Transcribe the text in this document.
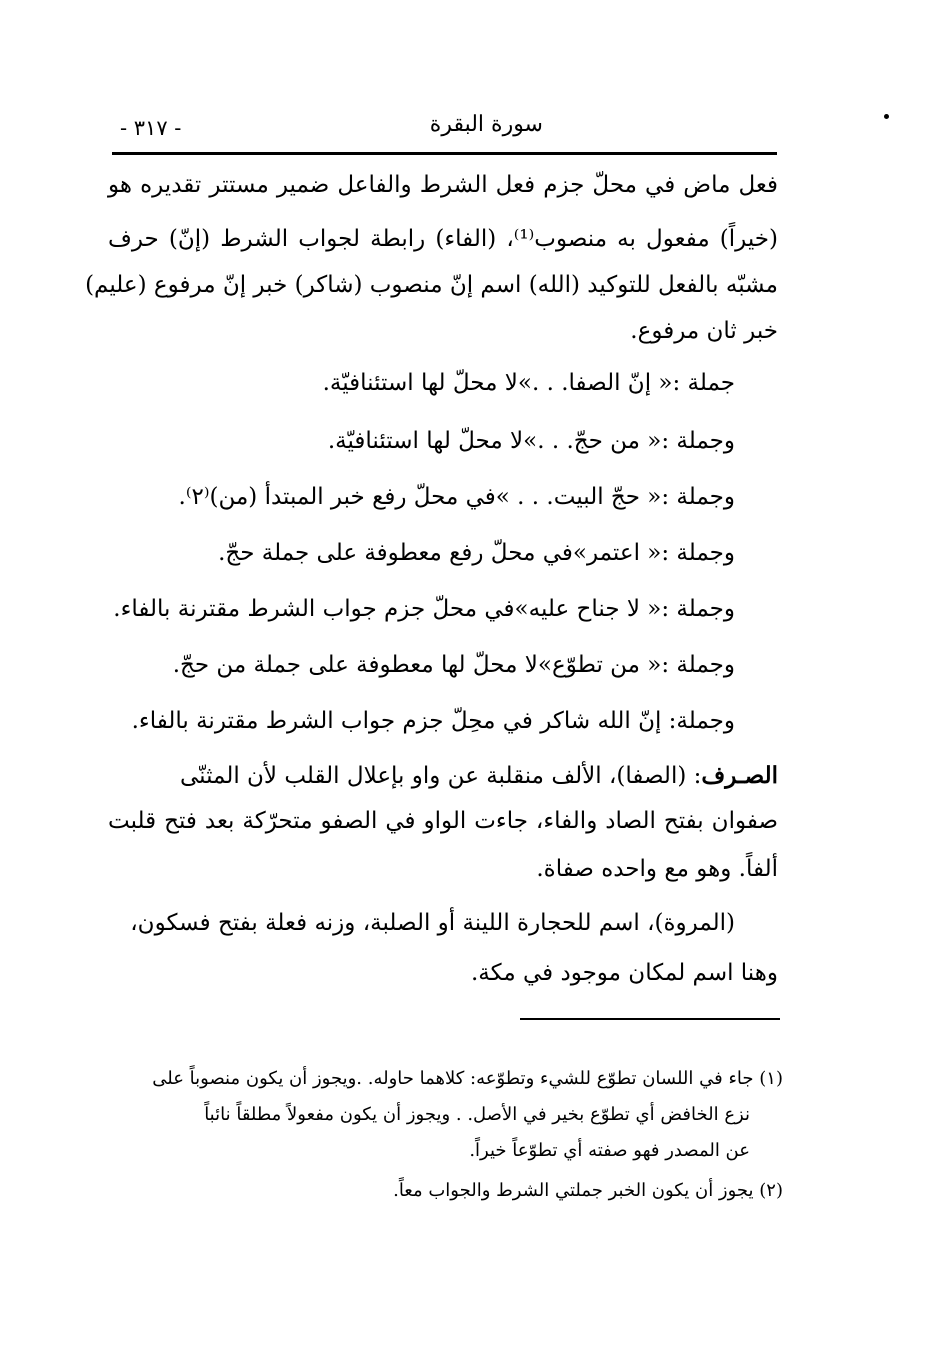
سورة البقرة
- ٣١٧ -
فعل ماض في محلّ جزم فعل الشرط والفاعل ضمير مستتر تقديره هو
(خيراً) مفعول به منصوب⁽¹⁾، (الفاء) رابطة لجواب الشرط (إنّ) حرف
مشبّه بالفعل للتوكيد (الله) اسم إنّ منصوب (شاكر) خبر إنّ مرفوع (عليم)
خبر ثان مرفوع.
جملة :« إنّ الصفا. . .»لا محلّ لها استئنافيّة.
وجملة :« من حجّ. . .»لا محلّ لها استئنافيّة.
وجملة :« حجّ البيت. . . »في محلّ رفع خبر المبتدأ (من)⁽٢⁾.
وجملة :« اعتمر»في محلّ رفع معطوفة على جملة حجّ.
وجملة :« لا جناح عليه»في محلّ جزم جواب الشرط مقترنة بالفاء.
وجملة :« من تطوّع»لا محلّ لها معطوفة على جملة من حجّ.
وجملة: إنّ الله شاكر في محِلّ جزم جواب الشرط مقترنة بالفاء.
الصـرف: (الصفا)، الألف منقلبة عن واو بإعلال القلب لأن المثنّى
صفوان بفتح الصاد والفاء، جاءت الواو في الصفو متحرّكة بعد فتح قلبت
ألفاً. وهو مع واحده صفاة.
(المروة)، اسم للحجارة اللينة أو الصلبة، وزنه فعلة بفتح فسكون،
وهنا اسم لمكان موجود في مكة.
(١) جاء في اللسان تطوّع للشيء وتطوّعه: كلاهما حاوله. .ويجوز أن يكون منصوباً على
نزع الخافض أي تطوّع بخير في الأصل. . ويجوز أن يكون مفعولاً مطلقاً نائباً
عن المصدر فهو صفته أي تطوّعاً خيراً.
(٢) يجوز أن يكون الخبر جملتي الشرط والجواب معاً.
